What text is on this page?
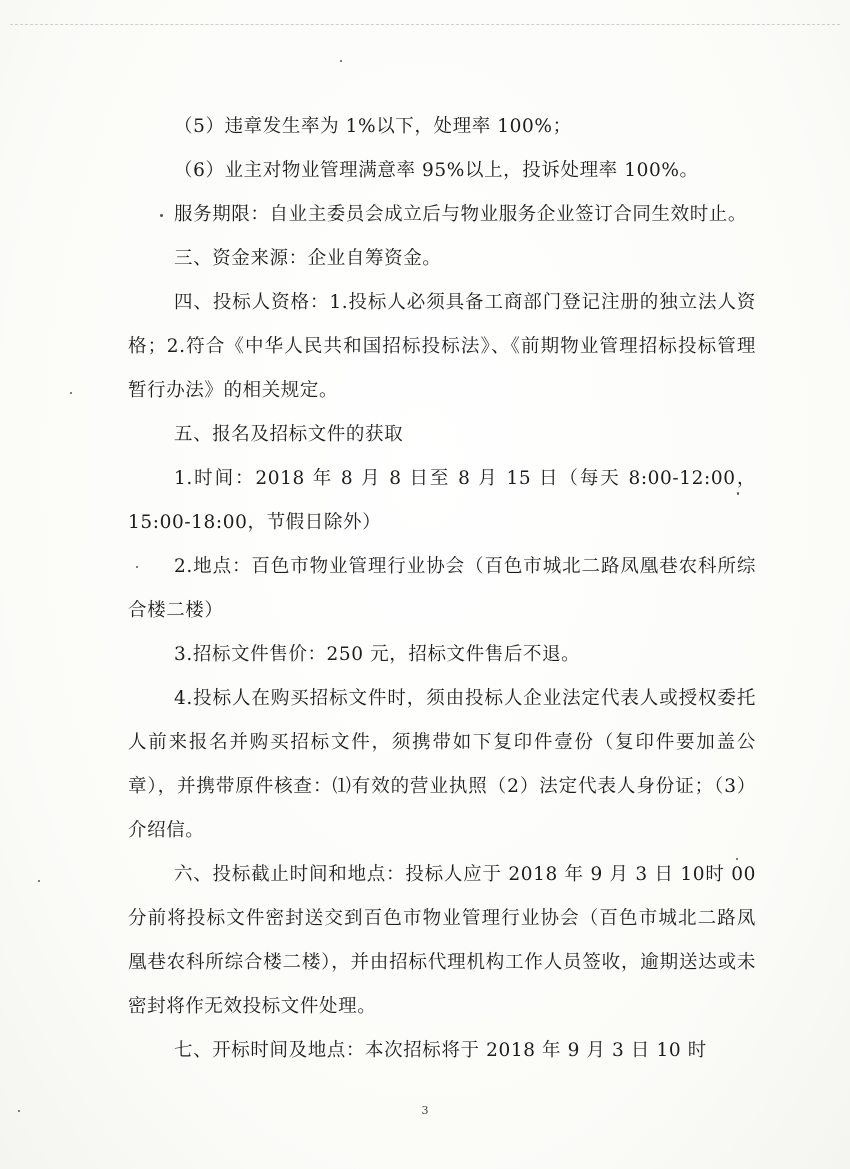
（5）违章发生率为 1%以下，处理率 100%；

（6）业主对物业管理满意率 95%以上，投诉处理率 100%。

服务期限：自业主委员会成立后与物业服务企业签订合同生效时止。

三、资金来源：企业自筹资金。

四、投标人资格：1.投标人必须具备工商部门登记注册的独立法人资格；2.符合《中华人民共和国招标投标法》、《前期物业管理招标投标管理暂行办法》的相关规定。

五、报名及招标文件的获取

1.时间：2018 年 8 月 8 日至 8 月 15 日（每天 8:00-12:00，15:00-18:00，节假日除外）

2.地点：百色市物业管理行业协会（百色市城北二路凤凰巷农科所综合楼二楼）

3.招标文件售价：250 元，招标文件售后不退。

4.投标人在购买招标文件时，须由投标人企业法定代表人或授权委托人前来报名并购买招标文件，须携带如下复印件壹份（复印件要加盖公章），并携带原件核查：⑴有效的营业执照（2）法定代表人身份证；（3）介绍信。

六、投标截止时间和地点：投标人应于 2018 年 9 月 3 日 10时 00 分前将投标文件密封送交到百色市物业管理行业协会（百色市城北二路凤凰巷农科所综合楼二楼），并由招标代理机构工作人员签收，逾期送达或未密封将作无效投标文件处理。

七、开标时间及地点：本次招标将于 2018 年 9 月 3 日 10 时

3
